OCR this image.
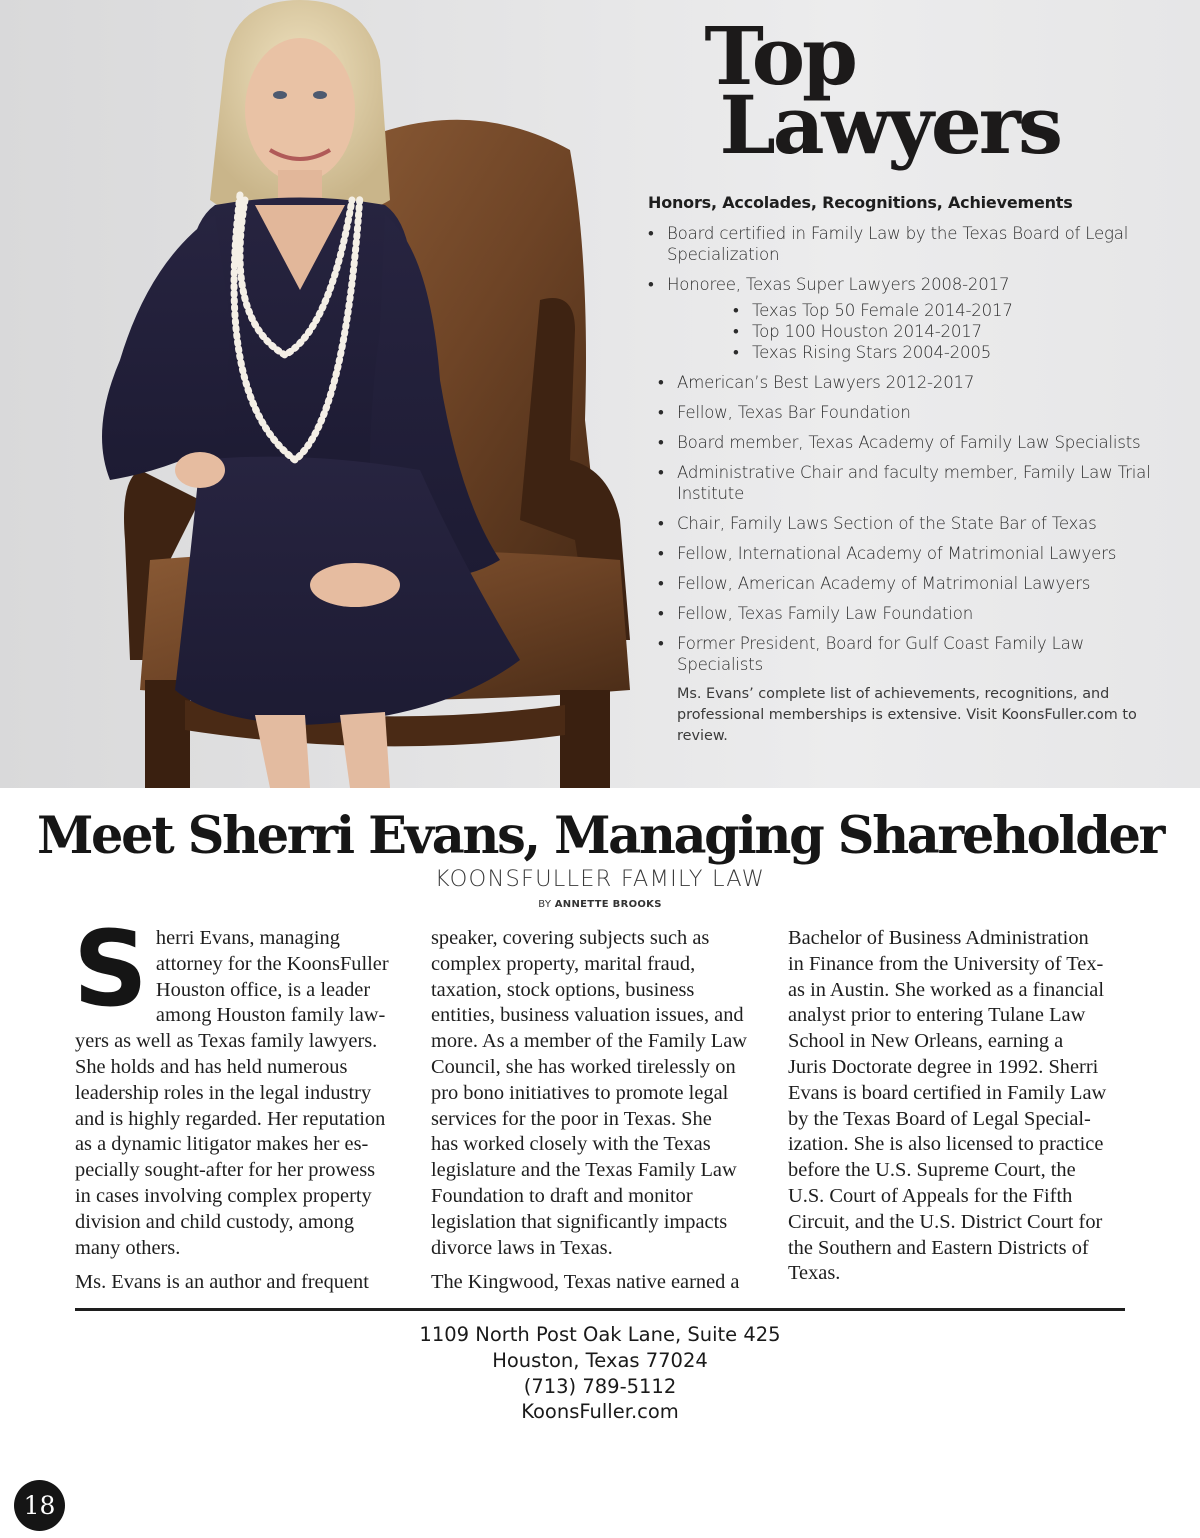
Top
Lawyers
Honors, Accolades, Recognitions, Achievements
• Board certified in Family Law by the Texas Board of Legal Specialization
• Honoree, Texas Super Lawyers 2008-2017
• Texas Top 50 Female 2014-2017
• Top 100 Houston 2014-2017
• Texas Rising Stars 2004-2005
• American’s Best Lawyers 2012-2017
• Fellow, Texas Bar Foundation
• Board member, Texas Academy of Family Law Specialists
• Administrative Chair and faculty member, Family Law Trial Institute
• Chair, Family Laws Section of the State Bar of Texas
• Fellow, International Academy of Matrimonial Lawyers
• Fellow, American Academy of Matrimonial Lawyers
• Fellow, Texas Family Law Foundation
• Former President, Board for Gulf Coast Family Law Specialists

Ms. Evans’ complete list of achievements, recognitions, and professional memberships is extensive. Visit KoonsFuller.com to review.

Meet Sherri Evans, Managing Shareholder
KOONSFULLER FAMILY LAW
BY ANNETTE BROOKS

S herri Evans, managing
attorney for the KoonsFuller
Houston office, is a leader
among Houston family law-
yers as well as Texas family lawyers.
She holds and has held numerous
leadership roles in the legal industry
and is highly regarded. Her reputation
as a dynamic litigator makes her es-
pecially sought-after for her prowess
in cases involving complex property
division and child custody, among
many others.

Ms. Evans is an author and frequent

speaker, covering subjects such as
complex property, marital fraud,
taxation, stock options, business
entities, business valuation issues, and
more. As a member of the Family Law
Council, she has worked tirelessly on
pro bono initiatives to promote legal
services for the poor in Texas. She
has worked closely with the Texas
legislature and the Texas Family Law
Foundation to draft and monitor
legislation that significantly impacts
divorce laws in Texas.

The Kingwood, Texas native earned a

Bachelor of Business Administration
in Finance from the University of Tex-
as in Austin. She worked as a financial
analyst prior to entering Tulane Law
School in New Orleans, earning a
Juris Doctorate degree in 1992. Sherri
Evans is board certified in Family Law
by the Texas Board of Legal Special-
ization. She is also licensed to practice
before the U.S. Supreme Court, the
U.S. Court of Appeals for the Fifth
Circuit, and the U.S. District Court for
the Southern and Eastern Districts of
Texas.

1109 North Post Oak Lane, Suite 425
Houston, Texas 77024
(713) 789-5112
KoonsFuller.com
18
